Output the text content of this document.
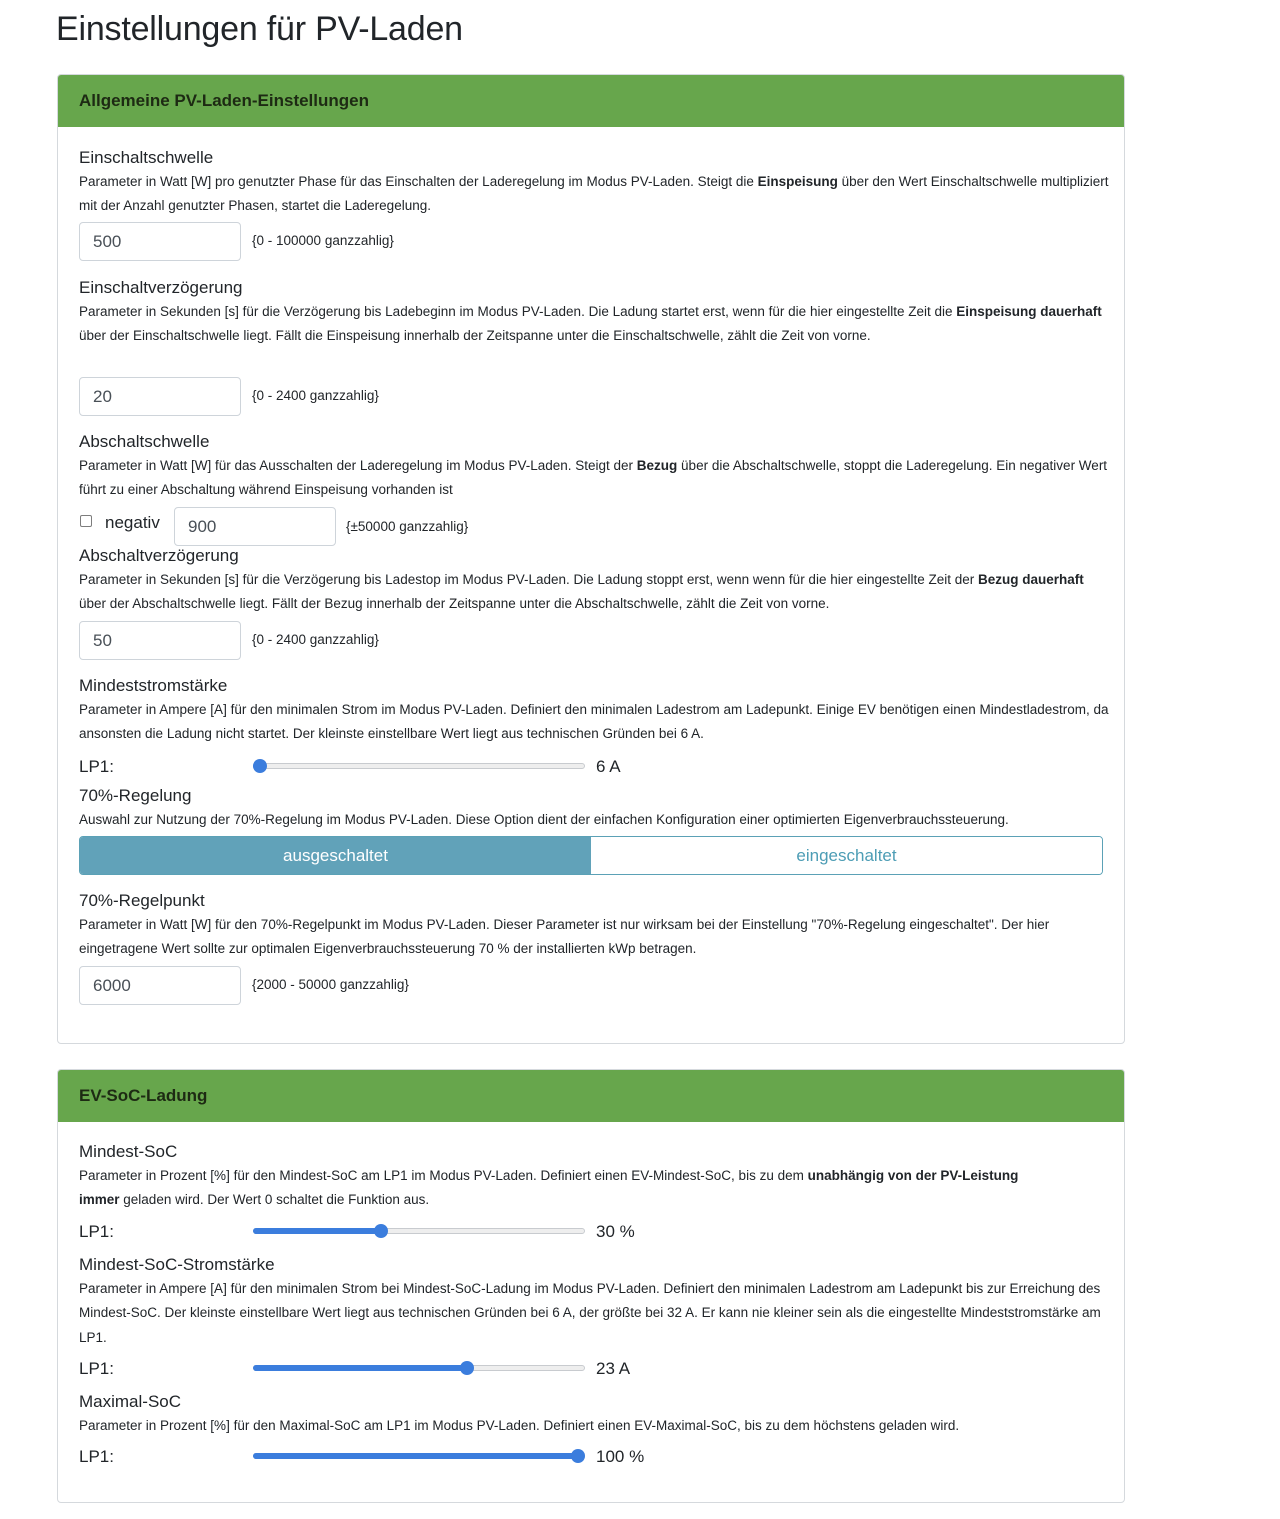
Einstellungen für PV-Laden
Allgemeine PV-Laden-Einstellungen
Einschaltschwelle
Parameter in Watt [W] pro genutzter Phase für das Einschalten der Laderegelung im Modus PV-Laden. Steigt die Einspeisung über den Wert Einschaltschwelle multipliziert mit der Anzahl genutzter Phasen, startet die Laderegelung.
500
{0 - 100000 ganzzahlig}
Einschaltverzögerung
Parameter in Sekunden [s] für die Verzögerung bis Ladebeginn im Modus PV-Laden. Die Ladung startet erst, wenn für die hier eingestellte Zeit die Einspeisung dauerhaft über der Einschaltschwelle liegt. Fällt die Einspeisung innerhalb der Zeitspanne unter die Einschaltschwelle, zählt die Zeit von vorne.
20
{0 - 2400 ganzzahlig}
Abschaltschwelle
Parameter in Watt [W] für das Ausschalten der Laderegelung im Modus PV-Laden. Steigt der Bezug über die Abschaltschwelle, stoppt die Laderegelung. Ein negativer Wert führt zu einer Abschaltung während Einspeisung vorhanden ist
negativ
900	{±50000 ganzzahlig}
Abschaltverzögerung
Parameter in Sekunden [s] für die Verzögerung bis Ladestop im Modus PV-Laden. Die Ladung stoppt erst, wenn wenn für die hier eingestellte Zeit der Bezug dauerhaft über der Abschaltschwelle liegt. Fällt der Bezug innerhalb der Zeitspanne unter die Abschaltschwelle, zählt die Zeit von vorne.
50
{0 - 2400 ganzzahlig}
Mindeststromstärke
Parameter in Ampere [A] für den minimalen Strom im Modus PV-Laden. Definiert den minimalen Ladestrom am Ladepunkt. Einige EV benötigen einen Mindestladestrom, da ansonsten die Ladung nicht startet. Der kleinste einstellbare Wert liegt aus technischen Gründen bei 6 A.
LP1:	6 A
70%-Regelung
Auswahl zur Nutzung der 70%-Regelung im Modus PV-Laden. Diese Option dient der einfachen Konfiguration einer optimierten Eigenverbrauchssteuerung.
ausgeschaltet	eingeschaltet
70%-Regelpunkt
Parameter in Watt [W] für den 70%-Regelpunkt im Modus PV-Laden. Dieser Parameter ist nur wirksam bei der Einstellung "70%-Regelung eingeschaltet". Der hier eingetragene Wert sollte zur optimalen Eigenverbrauchssteuerung 70 % der installierten kWp betragen.
6000
{2000 - 50000 ganzzahlig}
EV-SoC-Ladung
Mindest-SoC
Parameter in Prozent [%] für den Mindest-SoC am LP1 im Modus PV-Laden. Definiert einen EV-Mindest-SoC, bis zu dem unabhängig von der PV-Leistung immer geladen wird. Der Wert 0 schaltet die Funktion aus.
LP1:	30 %
Mindest-SoC-Stromstärke
Parameter in Ampere [A] für den minimalen Strom bei Mindest-SoC-Ladung im Modus PV-Laden. Definiert den minimalen Ladestrom am Ladepunkt bis zur Erreichung des Mindest-SoC. Der kleinste einstellbare Wert liegt aus technischen Gründen bei 6 A, der größte bei 32 A. Er kann nie kleiner sein als die eingestellte Mindeststromstärke am LP1.
LP1:	23 A
Maximal-SoC
Parameter in Prozent [%] für den Maximal-SoC am LP1 im Modus PV-Laden. Definiert einen EV-Maximal-SoC, bis zu dem höchstens geladen wird.
LP1:	100 %
